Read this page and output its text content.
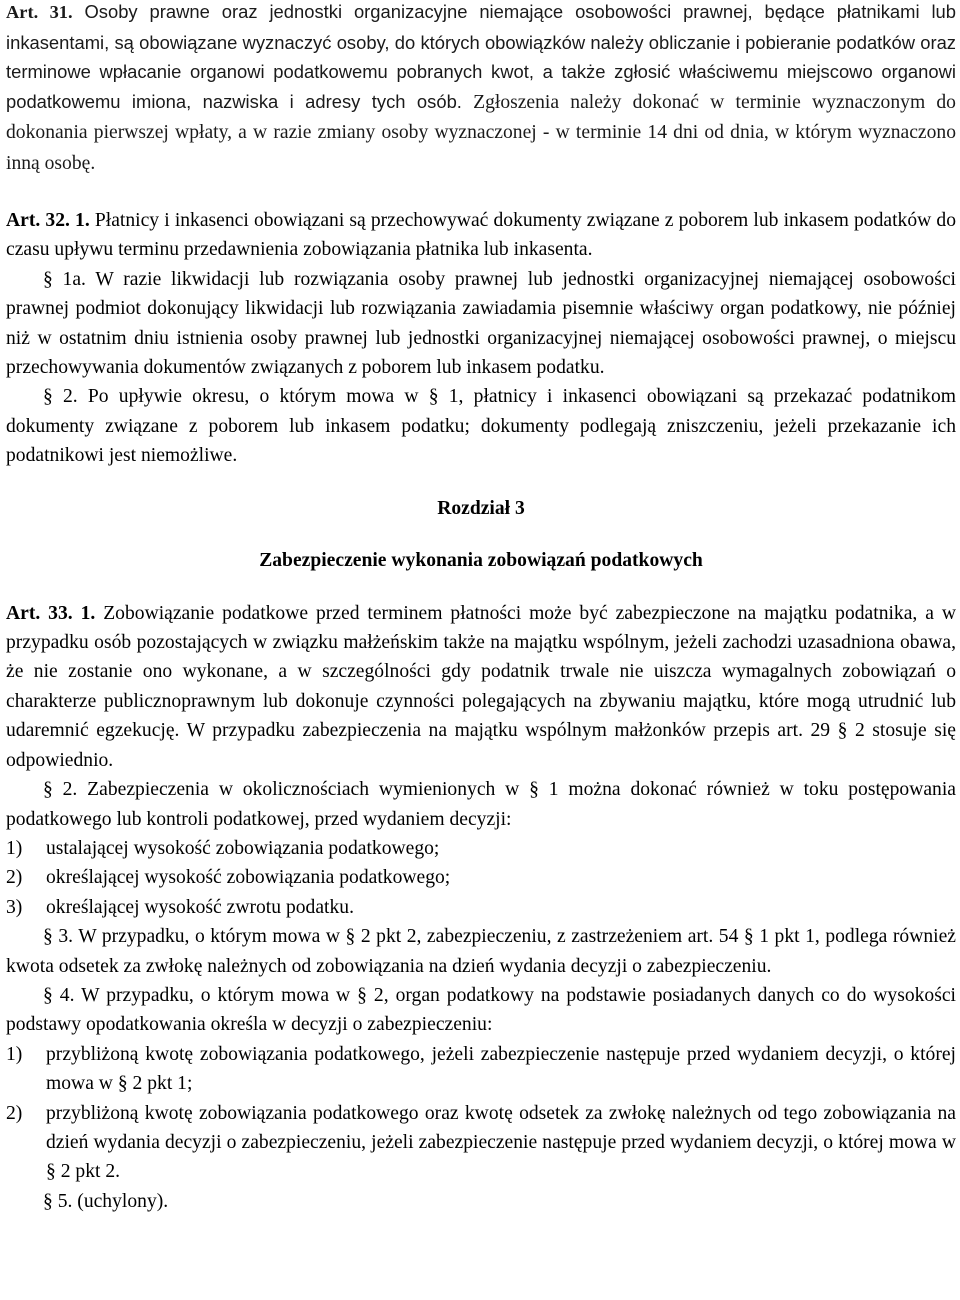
Art. 31. Osoby prawne oraz jednostki organizacyjne niemające osobowości prawnej, będące płatnikami lub inkasentami, są obowiązane wyznaczyć osoby, do których obowiązków należy obliczanie i pobieranie podatków oraz terminowe wpłacanie organowi podatkowemu pobranych kwot, a także zgłosić właściwemu miejscowo organowi podatkowemu imiona, nazwiska i adresy tych osób. Zgłoszenia należy dokonać w terminie wyznaczonym do dokonania pierwszej wpłaty, a w razie zmiany osoby wyznaczonej - w terminie 14 dni od dnia, w którym wyznaczono inną osobę.

Art. 32. 1. Płatnicy i inkasenci obowiązani są przechowywać dokumenty związane z poborem lub inkasem podatków do czasu upływu terminu przedawnienia zobowiązania płatnika lub inkasenta.

§ 1a. W razie likwidacji lub rozwiązania osoby prawnej lub jednostki organizacyjnej niemającej osobowości prawnej podmiot dokonujący likwidacji lub rozwiązania zawiadamia pisemnie właściwy organ podatkowy, nie później niż w ostatnim dniu istnienia osoby prawnej lub jednostki organizacyjnej niemającej osobowości prawnej, o miejscu przechowywania dokumentów związanych z poborem lub inkasem podatku.

§ 2. Po upływie okresu, o którym mowa w § 1, płatnicy i inkasenci obowiązani są przekazać podatnikom dokumenty związane z poborem lub inkasem podatku; dokumenty podlegają zniszczeniu, jeżeli przekazanie ich podatnikowi jest niemożliwe.

Rozdział 3
Zabezpieczenie wykonania zobowiązań podatkowych

Art. 33. 1. Zobowiązanie podatkowe przed terminem płatności może być zabezpieczone na majątku podatnika, a w przypadku osób pozostających w związku małżeńskim także na majątku wspólnym, jeżeli zachodzi uzasadniona obawa, że nie zostanie ono wykonane, a w szczególności gdy podatnik trwale nie uiszcza wymagalnych zobowiązań o charakterze publicznoprawnym lub dokonuje czynności polegających na zbywaniu majątku, które mogą utrudnić lub udaremnić egzekucję. W przypadku zabezpieczenia na majątku wspólnym małżonków przepis art. 29 § 2 stosuje się odpowiednio.

§ 2. Zabezpieczenia w okolicznościach wymienionych w § 1 można dokonać również w toku postępowania podatkowego lub kontroli podatkowej, przed wydaniem decyzji:

1)	ustalającej wysokość zobowiązania podatkowego;
2)	określającej wysokość zobowiązania podatkowego;
3)	określającej wysokość zwrotu podatku.

§ 3. W przypadku, o którym mowa w § 2 pkt 2, zabezpieczeniu, z zastrzeżeniem art. 54 § 1 pkt 1, podlega również kwota odsetek za zwłokę należnych od zobowiązania na dzień wydania decyzji o zabezpieczeniu.

§ 4. W przypadku, o którym mowa w § 2, organ podatkowy na podstawie posiadanych danych co do wysokości podstawy opodatkowania określa w decyzji o zabezpieczeniu:

1)	przybliżoną kwotę zobowiązania podatkowego, jeżeli zabezpieczenie następuje przed wydaniem decyzji, o której mowa w § 2 pkt 1;
2)	przybliżoną kwotę zobowiązania podatkowego oraz kwotę odsetek za zwłokę należnych od tego zobowiązania na dzień wydania decyzji o zabezpieczeniu, jeżeli zabezpieczenie następuje przed wydaniem decyzji, o której mowa w § 2 pkt 2.

§ 5. (uchylony).
